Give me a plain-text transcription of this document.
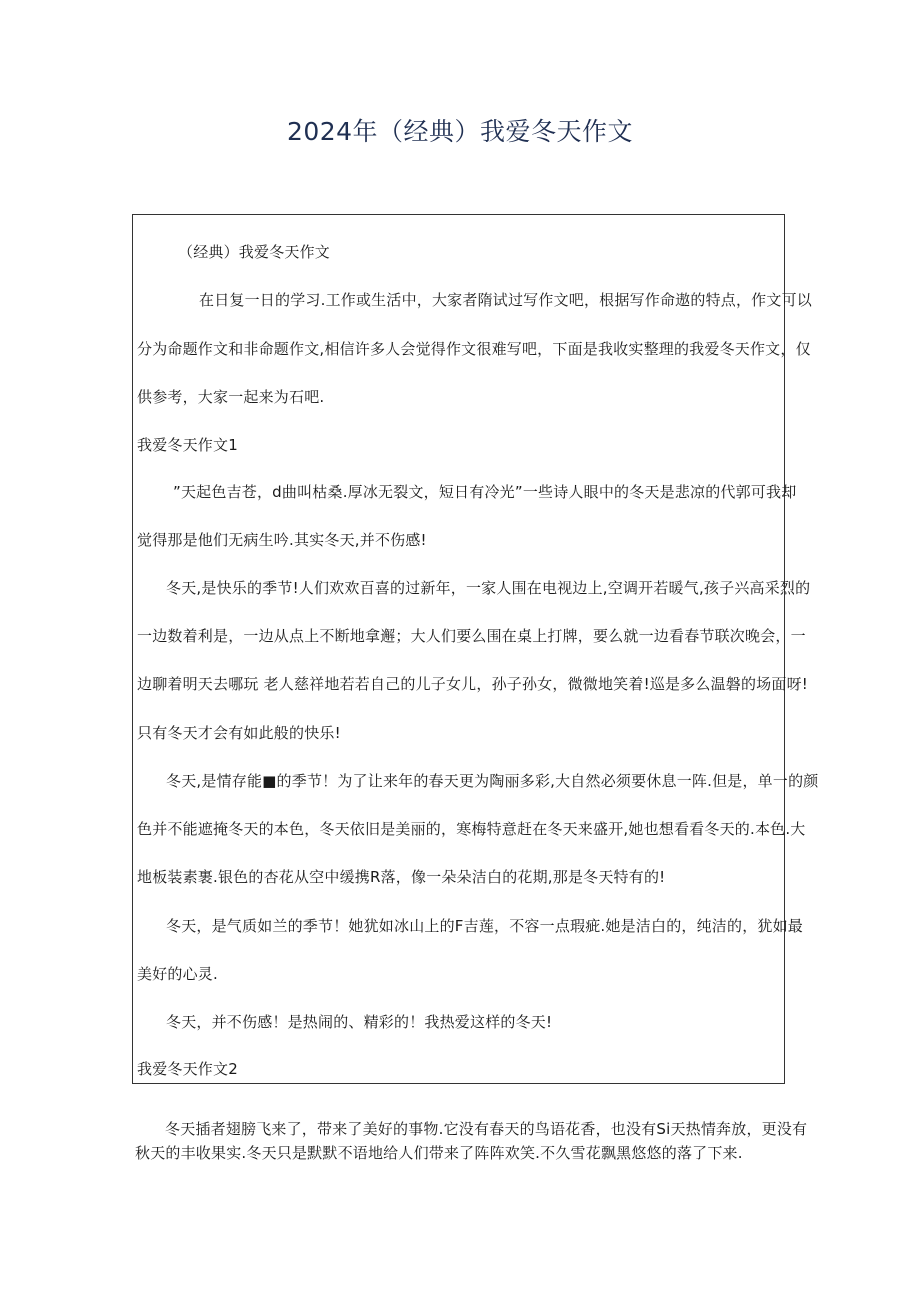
2024年（经典）我爱冬天作文
（经典）我爱冬天作文
在日复一日的学习.工作或生活中，大家者隋试过写作文吧，根据写作命遨的特点，作文可以
分为命题作文和非命题作文,相信许多人会觉得作文很难写吧，下面是我收实整理的我爱冬天作文，仅
供参考，大家一起来为石吧.
我爱冬天作文1
”天起色吉苍，d曲叫枯桑.厚冰无裂文，短日有冷光”一些诗人眼中的冬天是悲凉的代郭可我却
觉得那是他们无病生吟.其实冬天,并不伤感!
冬天,是快乐的季节!人们欢欢百喜的过新年，一家人围在电视边上,空调开若暖气,孩子兴高采烈的
一边数着利是，一边从点上不断地拿邂；大人们要么围在桌上打牌，要么就一边看春节联次晚会，一
边聊着明天去哪玩 老人慈祥地若若自己的儿子女儿，孙子孙女，微微地笑着!巡是多么温磐的场面呀!
只有冬天才会有如此般的快乐!
冬天,是情存能■的季节！为了让来年的春天更为陶丽多彩,大自然必须要休息一阵.但是，单一的颜
色并不能遮掩冬天的本色，冬天依旧是美丽的，寒梅特意赶在冬天来盛开,她也想看看冬天的.本色.大
地板装素裹.银色的杏花从空中缓携R落，像一朵朵洁白的花期,那是冬天特有的!
冬天，是气质如兰的季节！她犹如冰山上的F吉莲，不容一点瑕疵.她是洁白的，纯洁的，犹如最
美好的心灵.
冬天，并不伤感！是热闹的、精彩的！我热爱这样的冬天!
我爱冬天作文2
冬天插者翅膀飞来了，带来了美好的事物.它没有春天的鸟语花香，也没有Si天热情奔放，更没有
秋天的丰收果实.冬天只是默默不语地给人们带来了阵阵欢笑.不久雪花飘黑悠悠的落了下来.
